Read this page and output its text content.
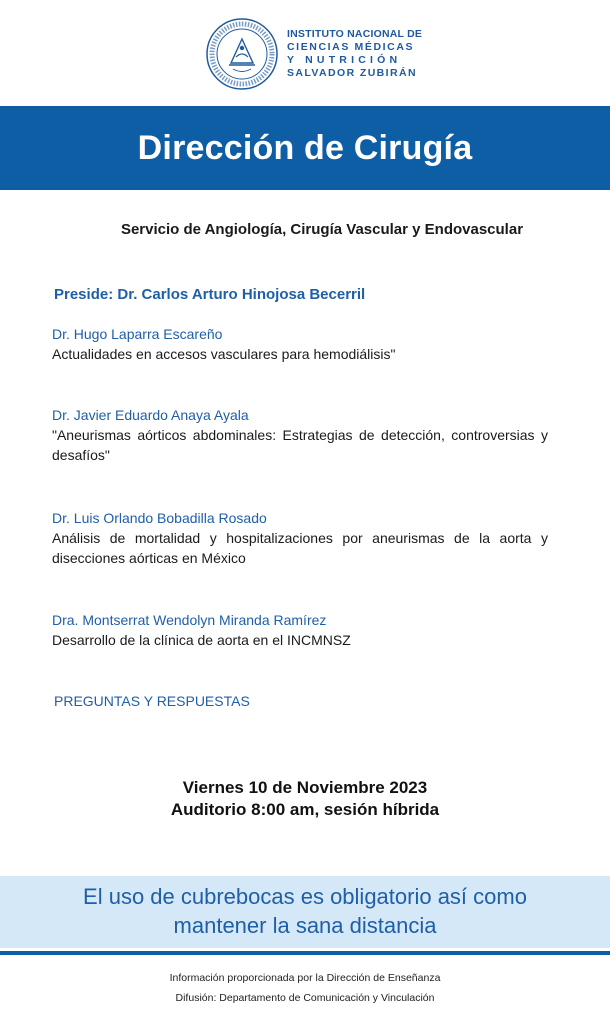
INSTITUTO NACIONAL DE
CIENCIAS MÉDICAS
Y NUTRICIÓN
SALVADOR ZUBIRÁN
Dirección de Cirugía
Servicio de Angiología, Cirugía Vascular y Endovascular
Preside: Dr. Carlos Arturo Hinojosa Becerril
Dr. Hugo Laparra Escareño
Actualidades en accesos vasculares para hemodiálisis"
Dr. Javier Eduardo Anaya Ayala
"Aneurismas aórticos abdominales: Estrategias de detección, controversias y desafíos"
Dr. Luis Orlando Bobadilla Rosado
Análisis de mortalidad y hospitalizaciones por aneurismas de la aorta y disecciones aórticas en México
Dra. Montserrat Wendolyn Miranda Ramírez
Desarrollo de la clínica de aorta en el INCMNSZ
PREGUNTAS Y RESPUESTAS
Viernes 10 de Noviembre 2023
Auditorio 8:00 am, sesión híbrida
El uso de cubrebocas es obligatorio así como
mantener la sana distancia
Información proporcionada por la Dirección de Enseñanza
Difusión: Departamento de Comunicación y Vinculación
